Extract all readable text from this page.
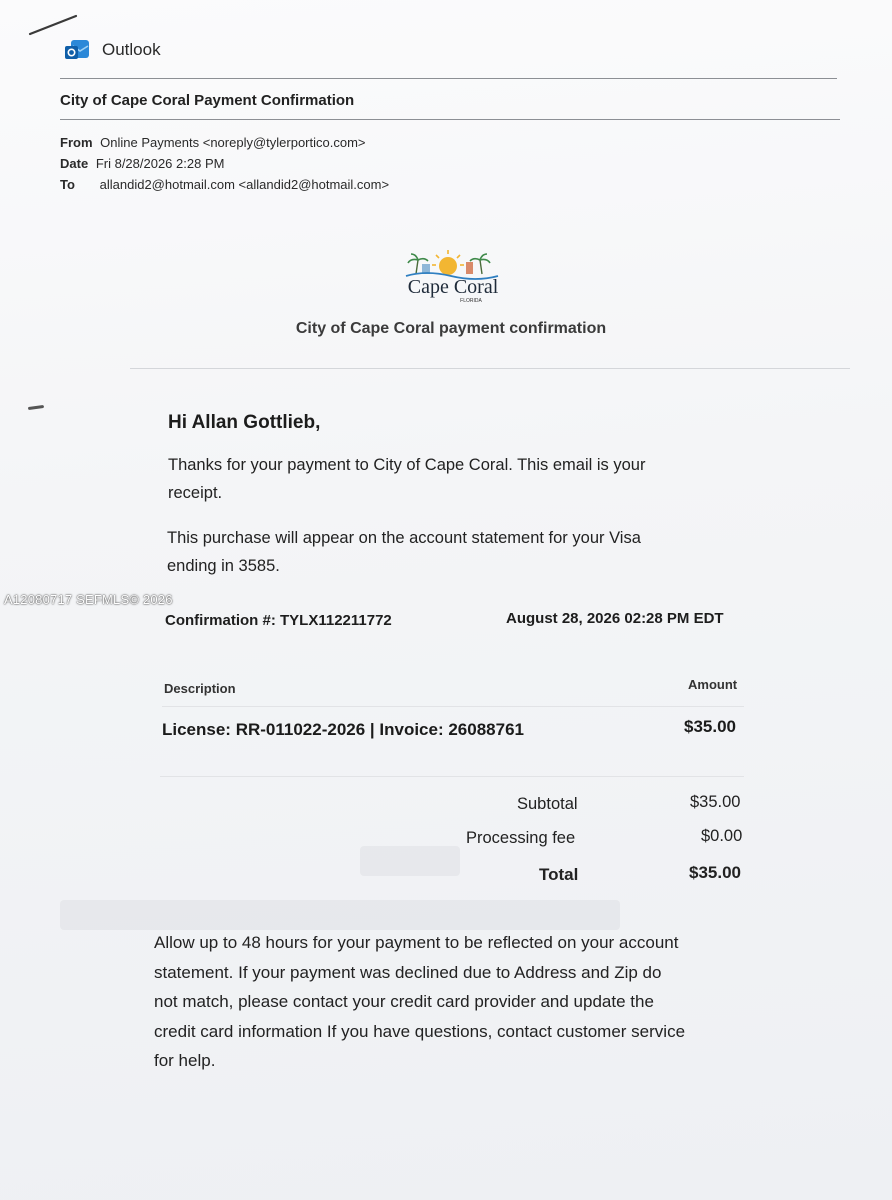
Outlook
City of Cape Coral Payment Confirmation
From Online Payments <noreply@tylerportico.com>
Date Fri 8/28/2026 2:28 PM
To allandid2@hotmail.com <allandid2@hotmail.com>
Cape Coral
FLORIDA
City of Cape Coral payment confirmation
Hi Allan Gottlieb,
Thanks for your payment to City of Cape Coral. This email is your
receipt.
This purchase will appear on the account statement for your Visa
ending in 3585.
A12080717 SEFMLS© 2026
Confirmation #: TYLX112211772	August 28, 2026 02:28 PM EDT
Description	Amount
License: RR-011022-2026 | Invoice: 26088761	$35.00
Subtotal	$35.00
Processing fee	$0.00
Total	$35.00
Allow up to 48 hours for your payment to be reflected on your account
statement. If your payment was declined due to Address and Zip do
not match, please contact your credit card provider and update the
credit card information If you have questions, contact customer service
for help.
